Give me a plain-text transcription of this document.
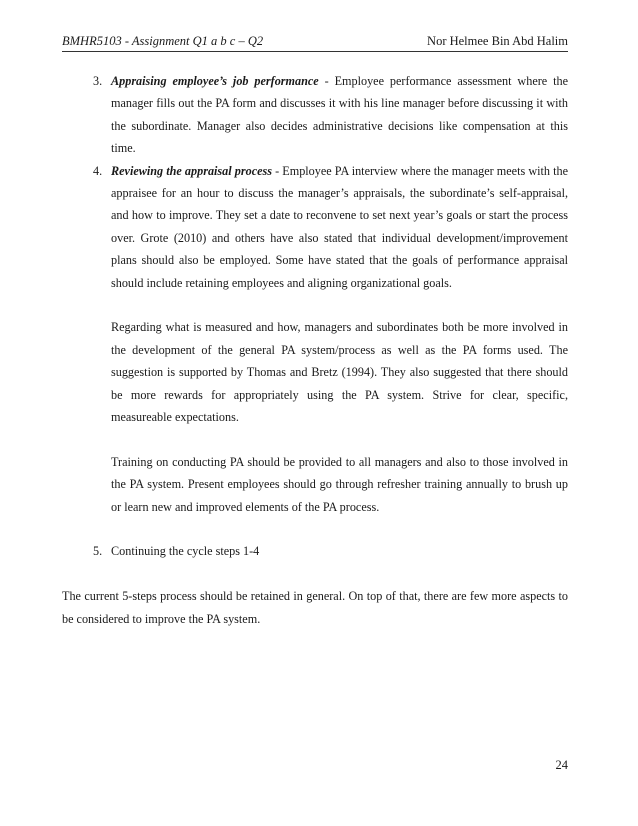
BMHR5103 - Assignment Q1 a b c – Q2	Nor Helmee Bin Abd Halim
3. Appraising employee’s job performance - Employee performance assessment where the manager fills out the PA form and discusses it with his line manager before discussing it with the subordinate. Manager also decides administrative decisions like compensation at this time.
4. Reviewing the appraisal process - Employee PA interview where the manager meets with the appraisee for an hour to discuss the manager’s appraisals, the subordinate’s self-appraisal, and how to improve. They set a date to reconvene to set next year’s goals or start the process over. Grote (2010) and others have also stated that individual development/improvement plans should also be employed. Some have stated that the goals of performance appraisal should include retaining employees and aligning organizational goals.
Regarding what is measured and how, managers and subordinates both be more involved in the development of the general PA system/process as well as the PA forms used. The suggestion is supported by Thomas and Bretz (1994). They also suggested that there should be more rewards for appropriately using the PA system. Strive for clear, specific, measureable expectations.
Training on conducting PA should be provided to all managers and also to those involved in the PA system. Present employees should go through refresher training annually to brush up or learn new and improved elements of the PA process.
5. Continuing the cycle steps 1-4
The current 5-steps process should be retained in general. On top of that, there are few more aspects to be considered to improve the PA system.
24
